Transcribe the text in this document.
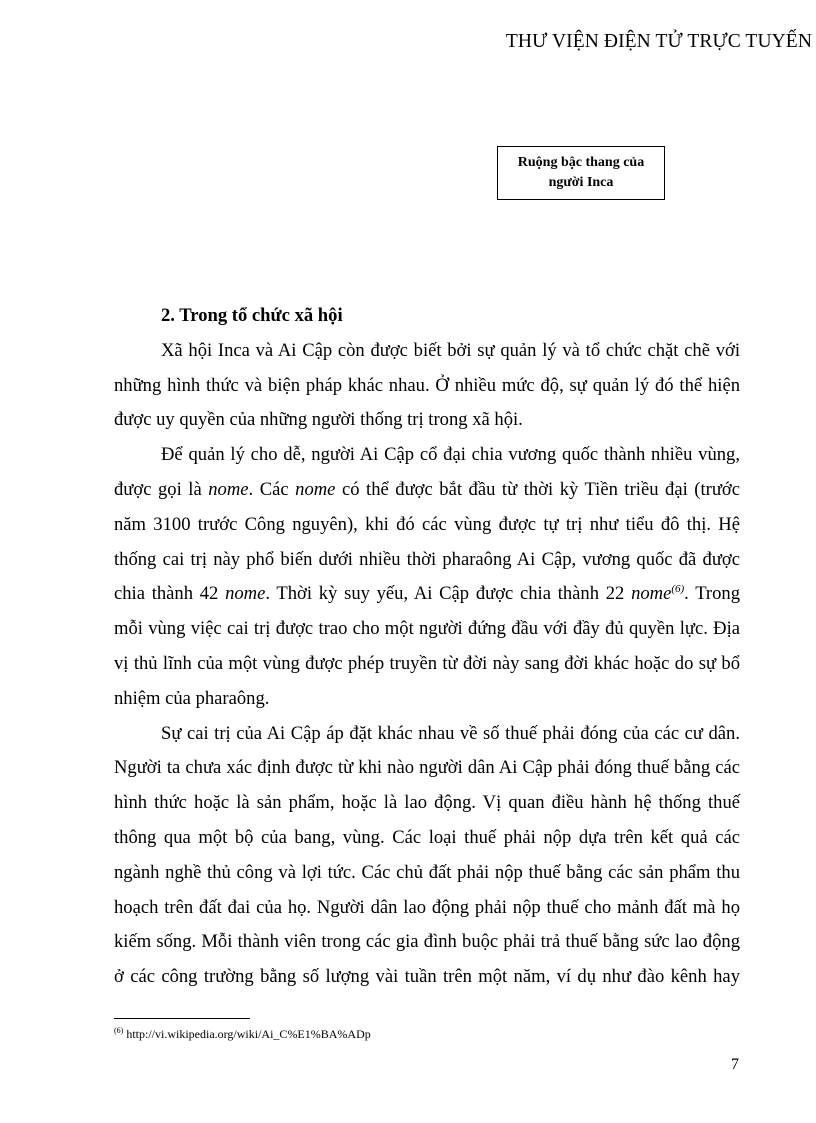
THƯ VIỆN ĐIỆN TỬ TRỰC TUYẾN
Ruộng bậc thang của
người Inca

2. Trong tổ chức xã hội

Xã hội Inca và Ai Cập còn được biết bởi sự quản lý và tổ chức chặt chẽ với
những hình thức và biện pháp khác nhau. Ở nhiều mức độ, sự quản lý đó thể hiện
được uy quyền của những người thống trị trong xã hội.
Để quản lý cho dễ, người Ai Cập cổ đại chia vương quốc thành nhiều vùng,
được gọi là nome. Các nome có thể được bắt đầu từ thời kỳ Tiền triều đại (trước
năm 3100 trước Công nguyên), khi đó các vùng được tự trị như tiểu đô thị. Hệ
thống cai trị này phổ biến dưới nhiều thời pharaông Ai Cập, vương quốc đã được
chia thành 42 nome. Thời kỳ suy yếu, Ai Cập được chia thành 22 nome$^{(6)}$. Trong
mỗi vùng việc cai trị được trao cho một người đứng đầu với đầy đủ quyền lực. Địa
vị thủ lĩnh của một vùng được phép truyền từ đời này sang đời khác hoặc do sự bổ
nhiệm của pharaông.
Sự cai trị của Ai Cập áp đặt khác nhau về số thuế phải đóng của các cư dân.
Người ta chưa xác định được từ khi nào người dân Ai Cập phải đóng thuế bằng các
hình thức hoặc là sản phẩm, hoặc là lao động. Vị quan điều hành hệ thống thuế
thông qua một bộ của bang, vùng. Các loại thuế phải nộp dựa trên kết quả các
ngành nghề thủ công và lợi tức. Các chủ đất phải nộp thuế bằng các sản phẩm thu
hoạch trên đất đai của họ. Người dân lao động phải nộp thuế cho mảnh đất mà họ
kiếm sống. Mỗi thành viên trong các gia đình buộc phải trả thuế bằng sức lao động
ở các công trường bằng số lượng vài tuần trên một năm, ví dụ như đào kênh hay
$^{(6)}$ http://vi.wikipedia.org/wiki/Ai_C%E1%BA%ADp
7
